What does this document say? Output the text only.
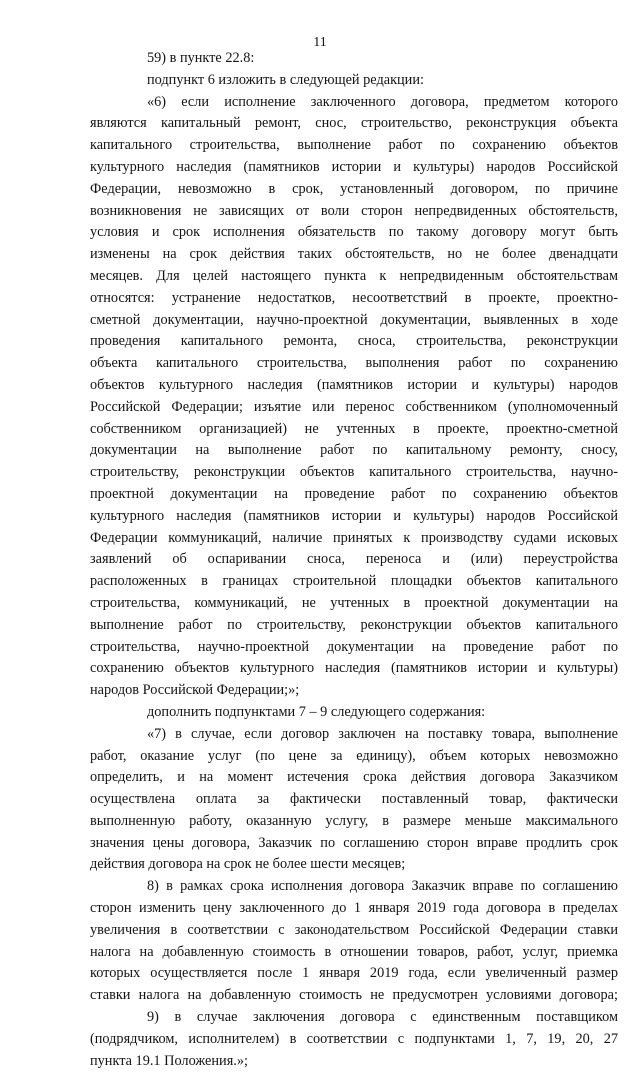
11
59) в пункте 22.8:
подпункт 6 изложить в следующей редакции:
«6) если исполнение заключенного договора, предметом которого
являются капитальный ремонт, снос, строительство, реконструкция объекта
капитального строительства, выполнение работ по сохранению объектов
культурного наследия (памятников истории и культуры) народов Российской
Федерации, невозможно в срок, установленный договором, по причине
возникновения не зависящих от воли сторон непредвиденных обстоятельств,
условия и срок исполнения обязательств по такому договору могут быть
изменены на срок действия таких обстоятельств, но не более двенадцати
месяцев. Для целей настоящего пункта к непредвиденным обстоятельствам
относятся: устранение недостатков, несоответствий в проекте, проектно-
сметной документации, научно-проектной документации, выявленных в ходе
проведения капитального ремонта, сноса, строительства, реконструкции
объекта капитального строительства, выполнения работ по сохранению
объектов культурного наследия (памятников истории и культуры) народов
Российской Федерации; изъятие или перенос собственником (уполномоченный
собственником организацией) не учтенных в проекте, проектно-сметной
документации на выполнение работ по капитальному ремонту, сносу,
строительству, реконструкции объектов капитального строительства, научно-
проектной документации на проведение работ по сохранению объектов
культурного наследия (памятников истории и культуры) народов Российской
Федерации коммуникаций, наличие принятых к производству судами исковых
заявлений об оспаривании сноса, переноса и (или) переустройства
расположенных в границах строительной площадки объектов капитального
строительства, коммуникаций, не учтенных в проектной документации на
выполнение работ по строительству, реконструкции объектов капитального
строительства, научно-проектной документации на проведение работ по
сохранению объектов культурного наследия (памятников истории и культуры)
народов Российской Федерации;»;
дополнить подпунктами 7 – 9 следующего содержания:
«7) в случае, если договор заключен на поставку товара, выполнение
работ, оказание услуг (по цене за единицу), объем которых невозможно
определить, и на момент истечения срока действия договора Заказчиком
осуществлена оплата за фактически поставленный товар, фактически
выполненную работу, оказанную услугу, в размере меньше максимального
значения цены договора, Заказчик по соглашению сторон вправе продлить срок
действия договора на срок не более шести месяцев;
8) в рамках срока исполнения договора Заказчик вправе по соглашению
сторон изменить цену заключенного до 1 января 2019 года договора в пределах
увеличения в соответствии с законодательством Российской Федерации ставки
налога на добавленную стоимость в отношении товаров, работ, услуг, приемка
которых осуществляется после 1 января 2019 года, если увеличенный размер
ставки налога на добавленную стоимость не предусмотрен условиями договора;
9) в случае заключения договора с единственным поставщиком
(подрядчиком, исполнителем) в соответствии с подпунктами 1, 7, 19, 20, 27
пункта 19.1 Положения.»;
